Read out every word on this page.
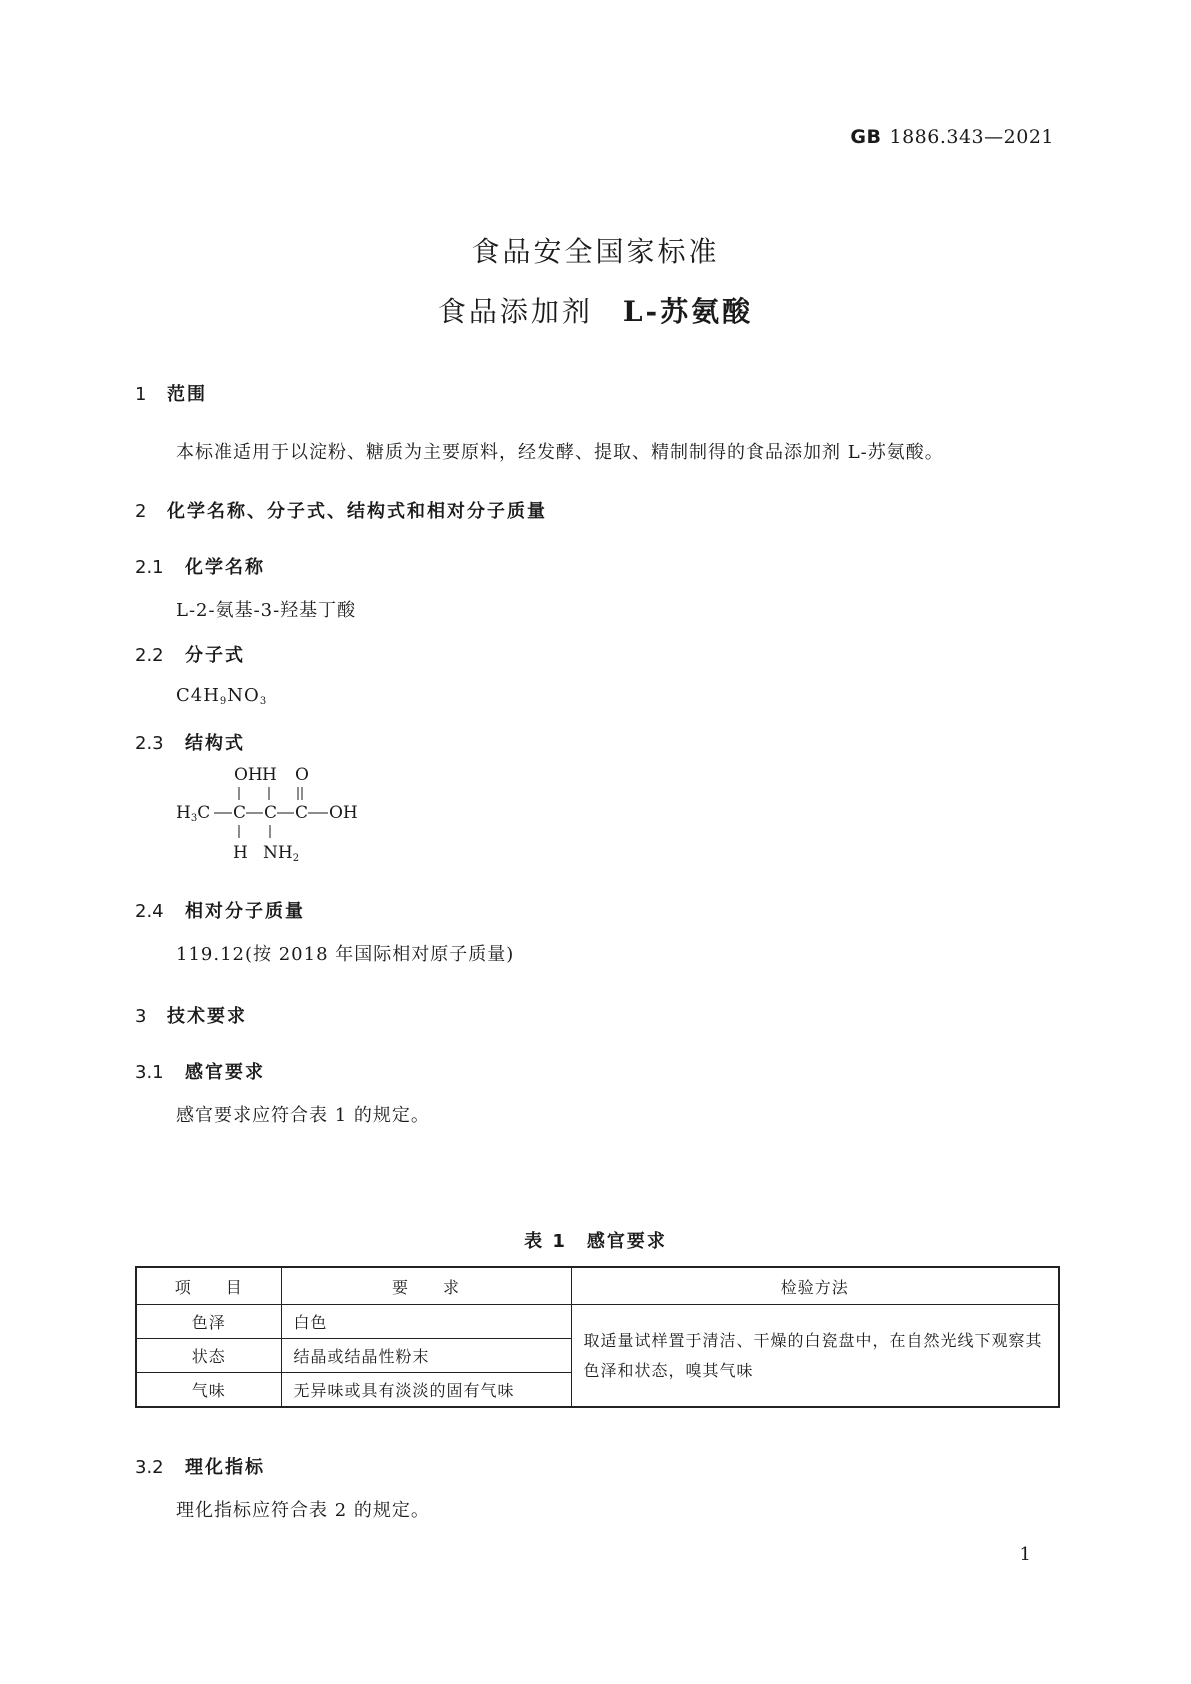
GB 1886.343—2021
食品安全国家标准
食品添加剂 L-苏氨酸
1 范围
本标准适用于以淀粉、糖质为主要原料，经发酵、提取、精制制得的食品添加剂 L-苏氨酸。
2 化学名称、分子式、结构式和相对分子质量
2.1 化学名称
L-2-氨基-3-羟基丁酸
2.2 分子式
$C4H_9NO_3$
2.3 结构式
OH H O
H3C C C C OH
H NH2
2.4 相对分子质量
119.12(按 2018 年国际相对原子质量)
3 技术要求
3.1 感官要求
感官要求应符合表 1 的规定。
表 1 感官要求
项　　目	要　　求	检验方法
色泽	白色	取适量试样置于清洁、干燥的白瓷盘中，在自然光线下观察其色泽和状态，嗅其气味
状态	结晶或结晶性粉末	
气味	无异味或具有淡淡的固有气味	
3.2 理化指标
理化指标应符合表 2 的规定。
1
